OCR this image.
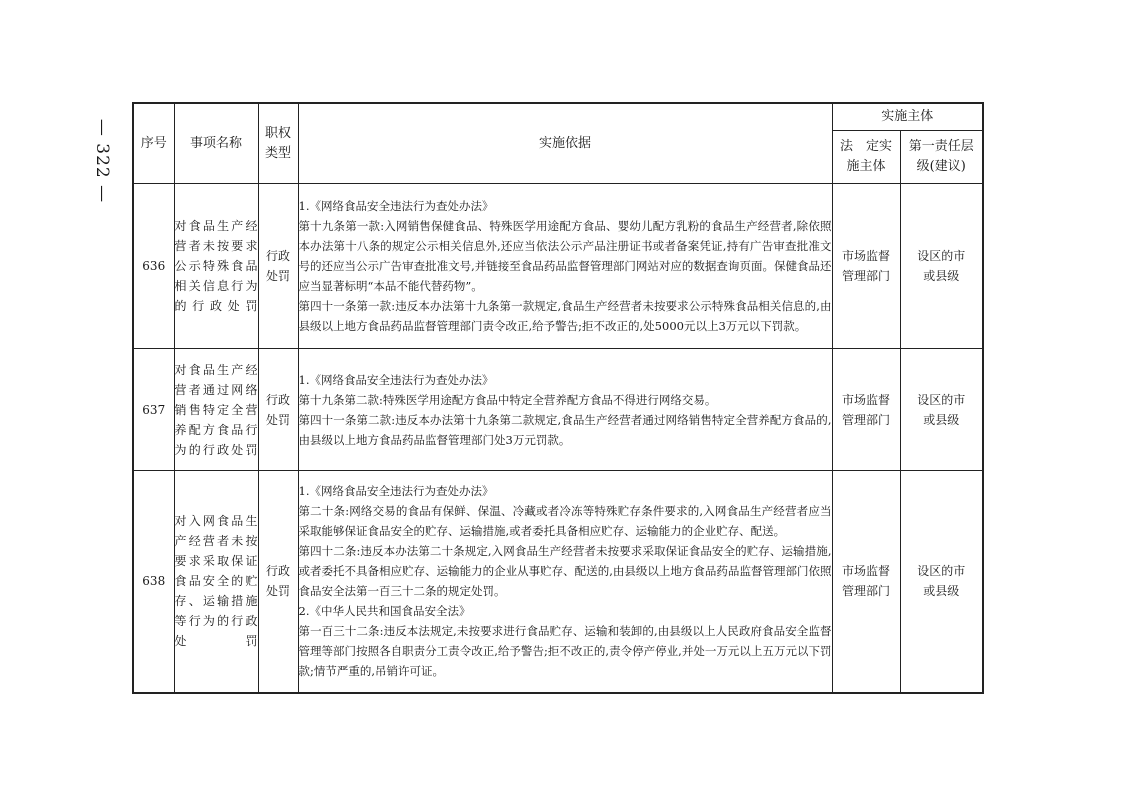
— 322 — 序号	事项名称	职权类型	实施依据	实施主体	

				法　定实施主体	第一责任层级(建议)

636	对食品生产经营者未按要求公示特殊食品相关信息行为的行政处罚	行政处罚	1.《网络食品安全违法行为查处办法》
第十九条第一款:入网销售保健食品、特殊医学用途配方食品、婴幼儿配方乳粉的食品生产经营者,除依照本办法第十八条的规定公示相关信息外,还应当依法公示产品注册证书或者备案凭证,持有广告审查批准文号的还应当公示广告审查批准文号,并链接至食品药品监督管理部门网站对应的数据查询页面。保健食品还应当显著标明“本品不能代替药物”。
第四十一条第一款:违反本办法第十九条第一款规定,食品生产经营者未按要求公示特殊食品相关信息的,由县级以上地方食品药品监督管理部门责令改正,给予警告;拒不改正的,处5000元以上3万元以下罚款。	市场监督管理部门	设区的市或县级

637	对食品生产经营者通过网络销售特定全营养配方食品行为的行政处罚	行政处罚	1.《网络食品安全违法行为查处办法》
第十九条第二款:特殊医学用途配方食品中特定全营养配方食品不得进行网络交易。
第四十一条第二款:违反本办法第十九条第二款规定,食品生产经营者通过网络销售特定全营养配方食品的,由县级以上地方食品药品监督管理部门处3万元罚款。	市场监督管理部门	设区的市或县级

638	对入网食品生产经营者未按要求采取保证食品安全的贮存、运输措施等行为的行政处罚	行政处罚	1.《网络食品安全违法行为查处办法》
第二十条:网络交易的食品有保鲜、保温、冷藏或者冷冻等特殊贮存条件要求的,入网食品生产经营者应当采取能够保证食品安全的贮存、运输措施,或者委托具备相应贮存、运输能力的企业贮存、配送。
第四十二条:违反本办法第二十条规定,入网食品生产经营者未按要求采取保证食品安全的贮存、运输措施,或者委托不具备相应贮存、运输能力的企业从事贮存、配送的,由县级以上地方食品药品监督管理部门依照食品安全法第一百三十二条的规定处罚。
2.《中华人民共和国食品安全法》
第一百三十二条:违反本法规定,未按要求进行食品贮存、运输和装卸的,由县级以上人民政府食品安全监督管理等部门按照各自职责分工责令改正,给予警告;拒不改正的,责令停产停业,并处一万元以上五万元以下罚款;情节严重的,吊销许可证。	市场监督管理部门	设区的市或县级
